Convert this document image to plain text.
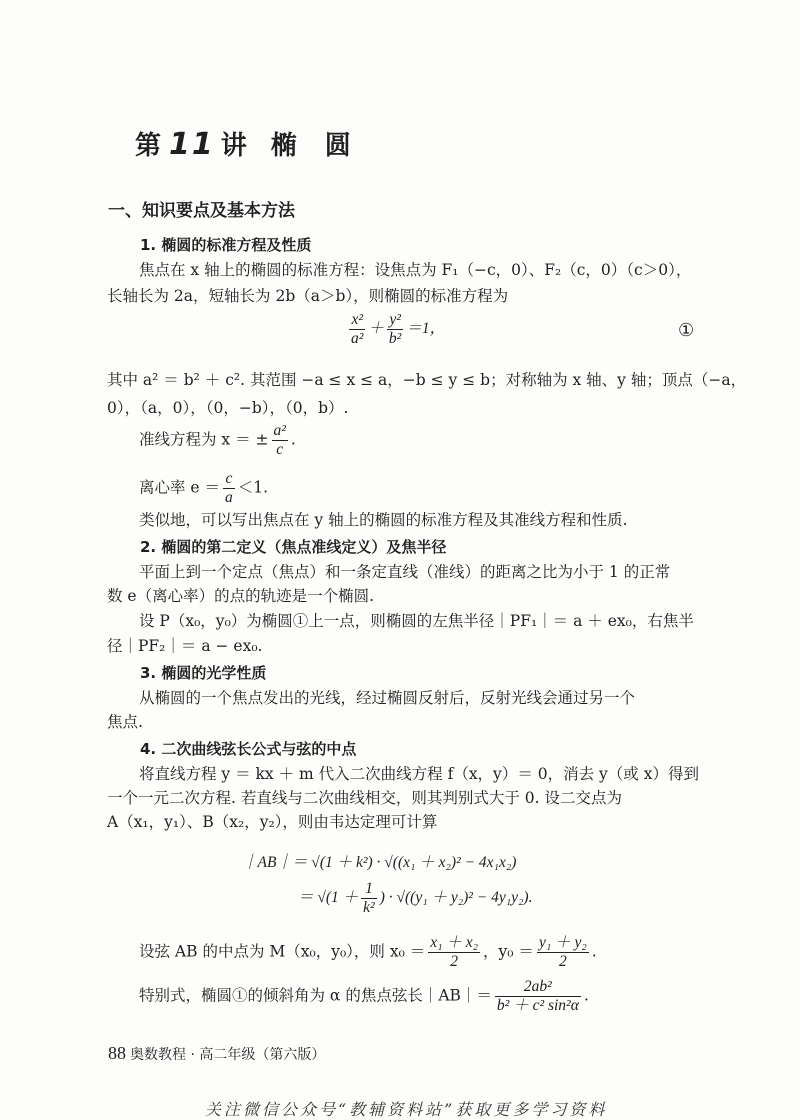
第 11 讲 椭圆
一、知识要点及基本方法
1. 椭圆的标准方程及性质
焦点在 x 轴上的椭圆的标准方程：设焦点为 F₁（−c，0）、F₂（c，0）（c＞0），
长轴长为 2a，短轴长为 2b（a＞b），则椭圆的标准方程为
$\frac{\text{x²}}{\text{a²}} + \frac{\text{y²}}{\text{b²}} =1$，	①
其中 a² ＝ b² ＋ c². 其范围 −a ≤ x ≤ a，−b ≤ y ≤ b；对称轴为 x 轴、y 轴；顶点（−a，
0），（a，0），（0，−b），（0，b）.
准线方程为 x ＝ ± $\frac{\text{a²}}{c}$ .
离心率 $e = \frac{c}{a} <1$.
类似地，可以写出焦点在 y 轴上的椭圆的标准方程及其准线方程和性质.
2. 椭圆的第二定义（焦点准线定义）及焦半径
平面上到一个定点（焦点）和一条定直线（准线）的距离之比为小于 1 的正常
数 e（离心率）的点的轨迹是一个椭圆.
设 P（x₀，y₀）为椭圆①上一点，则椭圆的左焦半径｜PF₁｜＝ a ＋ ex₀，右焦半
径｜PF₂｜＝ a − ex₀.
3. 椭圆的光学性质
从椭圆的一个焦点发出的光线，经过椭圆反射后，反射光线会通过另一个
焦点.
4. 二次曲线弦长公式与弦的中点
将直线方程 y ＝ kx ＋ m 代入二次曲线方程 f（x，y）＝ 0，消去 y（或 x）得到
一个一元二次方程. 若直线与二次曲线相交，则其判别式大于 0. 设二交点为
A（x₁，y₁）、B（x₂，y₂），则由韦达定理可计算
｜AB｜＝ √(1 ＋ k²) · √((x₁ ＋ x₂)² − 4x₁x₂)
＝ $√(1 + \frac{1}{\text{k²}}$ ) · √((y₁ ＋ y₂)² − 4y₁y₂).
设弦 AB 的中点为 M（x₀，y₀），则 $x_0 = \frac{\text{x₁ ＋ x₂}}{2}$ ，$y_0 = \frac{\text{y₁ ＋ y₂}}{2}$ .
特别式，椭圆①的倾斜角为 α 的焦点弦长｜AB｜＝ $\frac{\text{2ab²}}{\text{b² ＋ c² sin²α}}$ .
88 奥数教程 · 高二年级（第六版）
关注微信公众号“教辅资料站”获取更多学习资料
